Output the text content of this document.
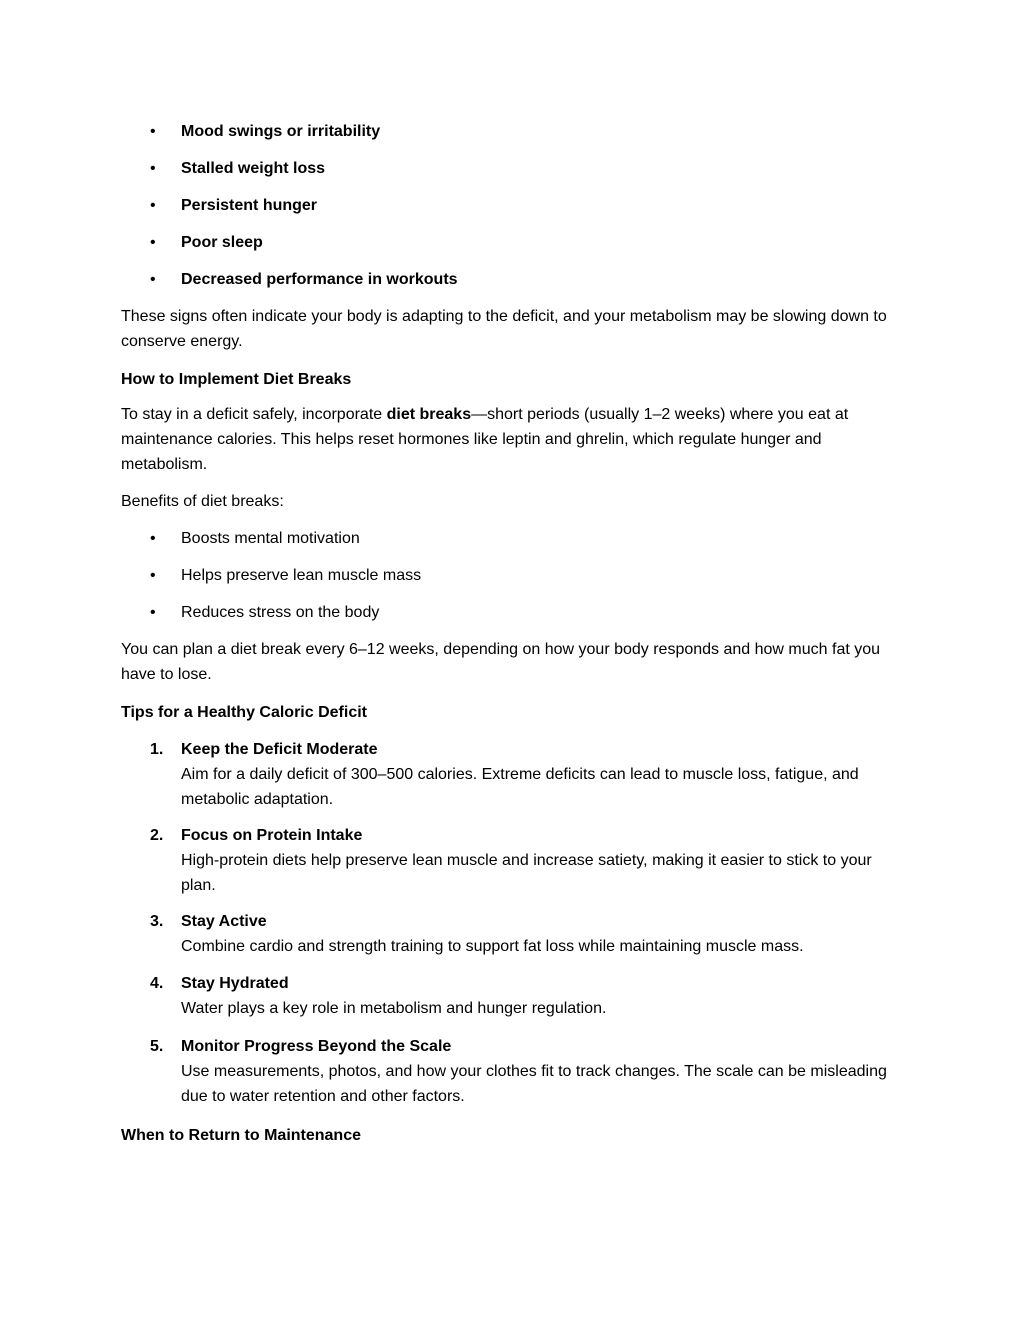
• Mood swings or irritability
• Stalled weight loss
• Persistent hunger
• Poor sleep
• Decreased performance in workouts

These signs often indicate your body is adapting to the deficit, and your metabolism may be slowing down to conserve energy.

How to Implement Diet Breaks

To stay in a deficit safely, incorporate diet breaks—short periods (usually 1–2 weeks) where you eat at maintenance calories. This helps reset hormones like leptin and ghrelin, which regulate hunger and metabolism.

Benefits of diet breaks:

• Boosts mental motivation
• Helps preserve lean muscle mass
• Reduces stress on the body

You can plan a diet break every 6–12 weeks, depending on how your body responds and how much fat you have to lose.

Tips for a Healthy Caloric Deficit

1. Keep the Deficit Moderate
Aim for a daily deficit of 300–500 calories. Extreme deficits can lead to muscle loss, fatigue, and metabolic adaptation.
2. Focus on Protein Intake
High-protein diets help preserve lean muscle and increase satiety, making it easier to stick to your plan.
3. Stay Active
Combine cardio and strength training to support fat loss while maintaining muscle mass.
4. Stay Hydrated
Water plays a key role in metabolism and hunger regulation.
5. Monitor Progress Beyond the Scale
Use measurements, photos, and how your clothes fit to track changes. The scale can be misleading due to water retention and other factors.

When to Return to Maintenance
